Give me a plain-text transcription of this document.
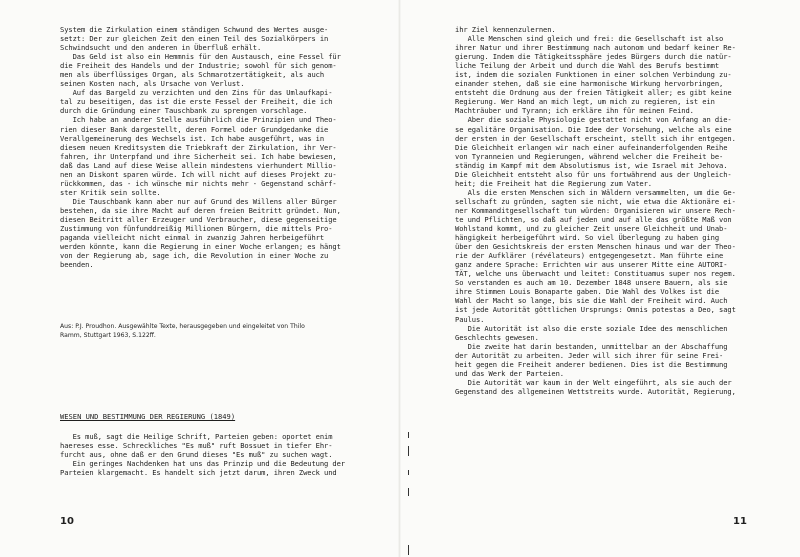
System die Zirkulation einem ständigen Schwund des Wertes ausge-
setzt: Der zur gleichen Zeit den einen Teil des Sozialkörpers in
Schwindsucht und den anderen in Überfluß erhält.
Das Geld ist also ein Hemmnis für den Austausch, eine Fessel für
die Freiheit des Handels und der Industrie; sowohl für sich genom-
men als überflüssiges Organ, als Schmarotzertätigkeit, als auch
seinen Kosten nach, als Ursache von Verlust.
Auf das Bargeld zu verzichten und den Zins für das Umlaufkapi-
tal zu beseitigen, das ist die erste Fessel der Freiheit, die ich
durch die Gründung einer Tauschbank zu sprengen vorschlage.
Ich habe an anderer Stelle ausführlich die Prinzipien und Theo-
rien dieser Bank dargestellt, deren Formel oder Grundgedanke die
Verallgemeinerung des Wechsels ist. Ich habe ausgeführt, was in
diesem neuen Kreditsystem die Triebkraft der Zirkulation, ihr Ver-
fahren, ihr Unterpfand und ihre Sicherheit sei. Ich habe bewiesen,
daß das Land auf diese Weise allein mindestens vierhundert Millio-
nen an Diskont sparen würde. Ich will nicht auf dieses Projekt zu-
rückkommen, das - ich wünsche mir nichts mehr - Gegenstand schärf-
ster Kritik sein sollte.
Die Tauschbank kann aber nur auf Grund des Willens aller Bürger
bestehen, da sie ihre Macht auf deren freien Beitritt gründet. Nun,
diesen Beitritt aller Erzeuger und Verbraucher, diese gegenseitige
Zustimmung von fünfunddreißig Millionen Bürgern, die mittels Pro-
paganda vielleicht nicht einmal in zwanzig Jahren herbeigeführt
werden könnte, kann die Regierung in einer Woche erlangen; es hängt
von der Regierung ab, sage ich, die Revolution in einer Woche zu
beenden.
Aus: P.J. Proudhon. Ausgewählte Texte, herausgegeben und eingeleitet von Thilo
Ramm, Stuttgart 1963, S.122ff.
WESEN UND BESTIMMUNG DER REGIERUNG (1849)
Es muß, sagt die Heilige Schrift, Parteien geben: oportet enim
haereses esse. Schreckliches "Es muß" ruft Bossuet in tiefer Ehr-
furcht aus, ohne daß er den Grund dieses "Es muß" zu suchen wagt.
Ein geringes Nachdenken hat uns das Prinzip und die Bedeutung der
Parteien klargemacht. Es handelt sich jetzt darum, ihren Zweck und
10
ihr Ziel kennenzulernen.
Alle Menschen sind gleich und frei: die Gesellschaft ist also
ihrer Natur und ihrer Bestimmung nach autonom und bedarf keiner Re-
gierung. Indem die Tätigkeitssphäre jedes Bürgers durch die natür-
liche Teilung der Arbeit und durch die Wahl des Berufs bestimmt
ist, indem die sozialen Funktionen in einer solchen Verbindung zu-
einander stehen, daß sie eine harmonische Wirkung hervorbringen,
entsteht die Ordnung aus der freien Tätigkeit aller; es gibt keine
Regierung. Wer Hand an mich legt, um mich zu regieren, ist ein
Machträuber und Tyrann; ich erkläre ihn für meinen Feind.
Aber die soziale Physiologie gestattet nicht von Anfang an die-
se egalitäre Organisation. Die Idee der Vorsehung, welche als eine
der ersten in der Gesellschaft erscheint, stellt sich ihr entgegen.
Die Gleichheit erlangen wir nach einer aufeinanderfolgenden Reihe
von Tyranneien und Regierungen, während welcher die Freiheit be-
ständig im Kampf mit dem Absolutismus ist, wie Israel mit Jehova.
Die Gleichheit entsteht also für uns fortwährend aus der Ungleich-
heit; die Freiheit hat die Regierung zum Vater.
Als die ersten Menschen sich in Wäldern versammelten, um die Ge-
sellschaft zu gründen, sagten sie nicht, wie etwa die Aktionäre ei-
ner Kommanditgesellschaft tun würden: Organisieren wir unsere Rech-
te und Pflichten, so daß auf jeden und auf alle das größte Maß von
Wohlstand kommt, und zu gleicher Zeit unsere Gleichheit und Unab-
hängigkeit herbeigeführt wird. So viel Überlegung zu haben ging
über den Gesichtskreis der ersten Menschen hinaus und war der Theo-
rie der Aufklärer (révélateurs) entgegengesetzt. Man führte eine
ganz andere Sprache: Errichten wir aus unserer Mitte eine AUTORI-
TÄT, welche uns überwacht und leitet: Constituamus super nos regem.
So verstanden es auch am 10. Dezember 1848 unsere Bauern, als sie
ihre Stimmen Louis Bonaparte gaben. Die Wahl des Volkes ist die
Wahl der Macht so lange, bis sie die Wahl der Freiheit wird. Auch
ist jede Autorität göttlichen Ursprungs: Omnis potestas a Deo, sagt
Paulus.
Die Autorität ist also die erste soziale Idee des menschlichen
Geschlechts gewesen.
Die zweite hat darin bestanden, unmittelbar an der Abschaffung
der Autorität zu arbeiten. Jeder will sich ihrer für seine Frei-
heit gegen die Freiheit anderer bedienen. Dies ist die Bestimmung
und das Werk der Parteien.
Die Autorität war kaum in der Welt eingeführt, als sie auch der
Gegenstand des allgemeinen Wettstreits wurde. Autorität, Regierung,
11
